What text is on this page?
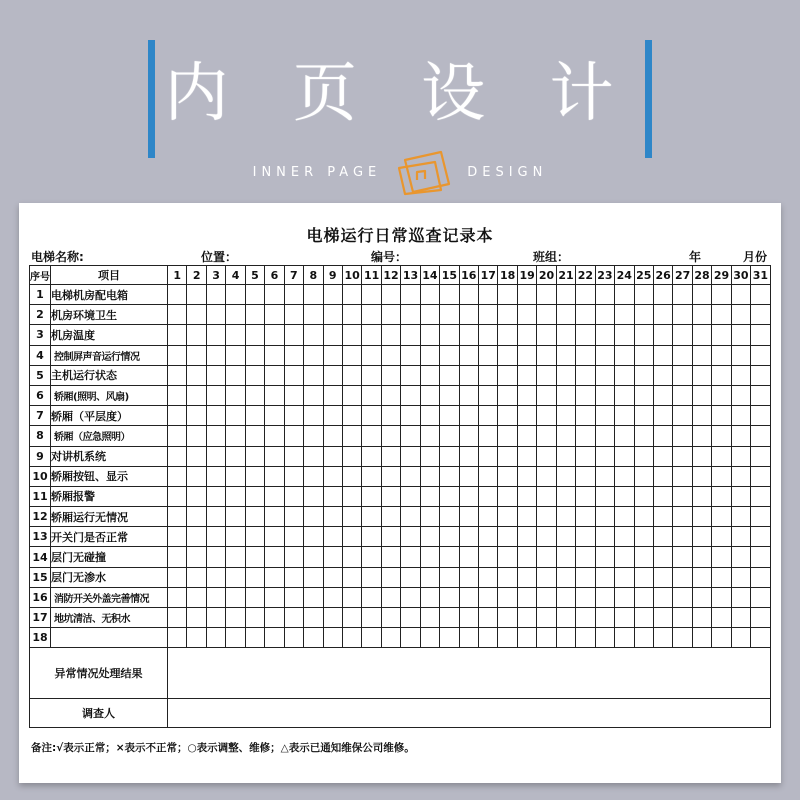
内 页 设 计
INNER PAGE	DESIGN
电梯运行日常巡查记录本
电梯名称:	位置：	编号：	班组：	年	月份
序号	项目	1	2	3	4	5	6	7	8	9	10	11	12	13	14	15	16	17	18	19	20	21	22	23	24	25	26	27	28	29	30	31
1	电梯机房配电箱																															
2	机房环境卫生																															
3	机房温度																															
4	控制屏声音运行情况																															
5	主机运行状态																															
6	轿厢(照明、风扇)																															
7	轿厢（平层度）																															
8	轿厢（应急照明）																															
9	对讲机系统																															
10	轿厢按钮、显示																															
11	轿厢报警																															
12	轿厢运行无情况																															
13	开关门是否正常																															
14	层门无碰撞																															
15	层门无渗水																															
16	消防开关外盖完善情况																															
17	地坑清洁、无积水																															
18																																
异常情况处理结果																																
调查人																																
备注:√表示正常；×表示不正常；○表示调整、维修；△表示已通知维保公司维修。
